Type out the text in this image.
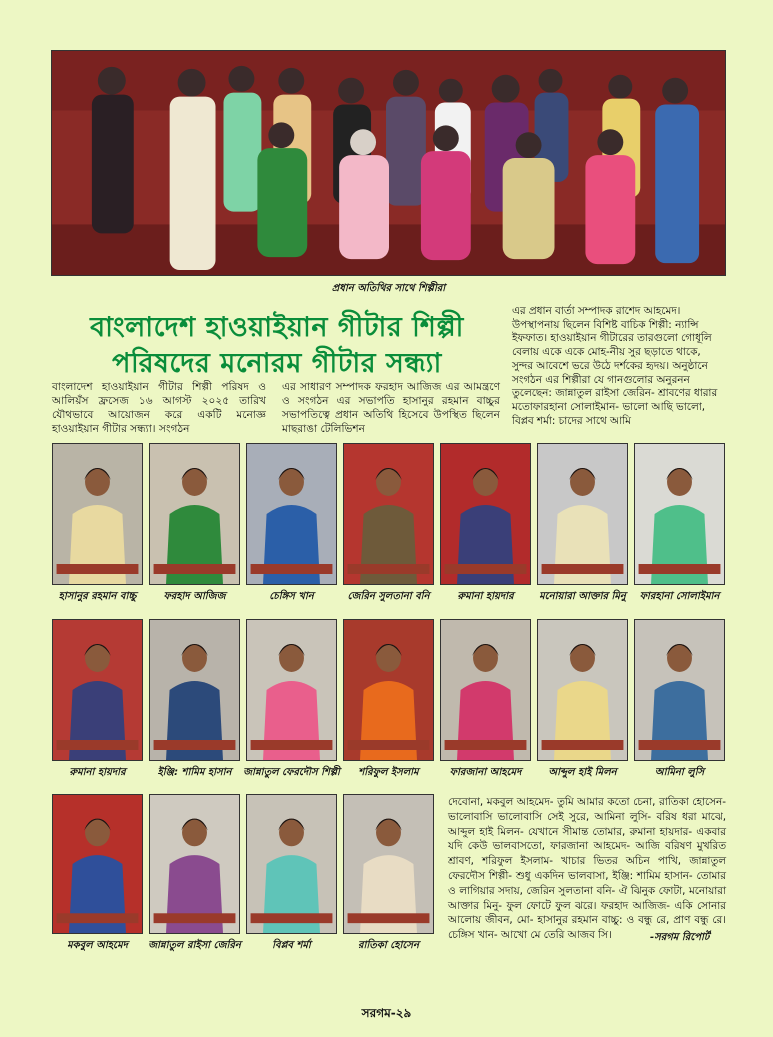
প্রধান অতিথির সাথে শিল্পীরা
বাংলাদেশ হাওয়াইয়ান গীটার শিল্পী
পরিষদের মনোরম গীটার সন্ধ্যা
বাংলাদেশ হাওয়াইয়ান গীটার শিল্পী পরিষদ ও আলিয়ঁস ফ্রসেজ ১৬ আগস্ট ২০২৫ তারিখ যৌথভাবে আয়োজন করে একটি মনোজ্ঞ হাওয়াইয়ান গীটার সন্ধ্যা। সংগঠন
এর সাধারণ সম্পাদক ফরহাদ আজিজ এর আমন্ত্রণে ও সংগঠন এর সভাপতি হাসানুর রহমান বাচ্চুর সভাপতিত্বে প্রধান অতিথি হিসেবে উপস্থিত ছিলেন মাছরাঙা টেলিভিশন
এর প্রধান বার্তা সম্পাদক রাশেদ আহমেদ। উপস্থাপনায় ছিলেন বিশিষ্ট বাচিক শিল্পী: ন্যান্সি ইফফাত। হাওয়াইয়ান গীটারের তারগুলো গোধূলি বেলায় একে একে মোহ-নীয় সুর ছড়াতে থাকে, সুন্দর আবেশে ভরে উঠে দর্শকের হৃদয়। অনুষ্ঠানে সংগঠন এর শিল্পীরা যে গানগুলোর অনুরনন তুলেছেন: জান্নাতুল রাইসা জেরিন- শ্রাবণের ধারার মতোফারহানা সোলাইমান- ভালো আছি ভালো, বিপ্লব শর্মা: চাদের সাথে আমি
হাসানুর রহমান বাচ্চু	ফরহাদ আজিজ	চেঙ্গিস খান	জেরিন সুলতানা বনি	রুমানা হায়দার	মনোয়ারা আক্তার মিনু	ফারহানা সোলাইমান
রুমানা হায়দার	ইঞ্জি: শামিম হাসান	জান্নাতুল ফেরদৌস শিল্পী	শরিফুল ইসলাম	ফারজানা আহমেদ	আব্দুল হাই মিলন	আমিনা লুসি
মকবুল আহমেদ	জান্নাতুল রাইসা জেরিন	বিপ্লব শর্মা	রাতিকা হোসেন
দেবোনা, মকবুল আহমেদ- তুমি আমার কতো চেনা, রাতিকা হোসেন- ভালোবাসি ভালোবাসি সেই সুরে, আমিনা লুসি- বরিষ ধরা মাঝে, আব্দুল হাই মিলন- যেখানে সীমান্ত তোমার, রুমানা হায়দার- একবার যদি কেউ ভালবাসতো, ফারজানা আহমেদ- আজি বরিষণ মুখরিত শ্রাবণ, শরিফুল ইসলাম- খাচার ভিতর অচিন পাখি, জান্নাতুল ফেরদৌস শিল্পী- শুধু একদিন ভালবাসা, ইঞ্জি: শামিম হাসান- তোমার ও লাগিয়ার সদায়, জেরিন সুলতানা বনি- ঐ ঝিনুক ফোটা, মনোয়ারা আক্তার মিনু- ফুল ফোটে ফুল ঝরে। ফরহাদ আজিজ- একি সোনার আলোয় জীবন, মো- হাসানুর রহমান বাচ্চু: ও বন্ধু রে, প্রাণ বন্ধু রে। চেঙ্গিস খান- আখো মে তেরি আজব সি।	-সরগম রিপোর্ট
সরগম-২৯
